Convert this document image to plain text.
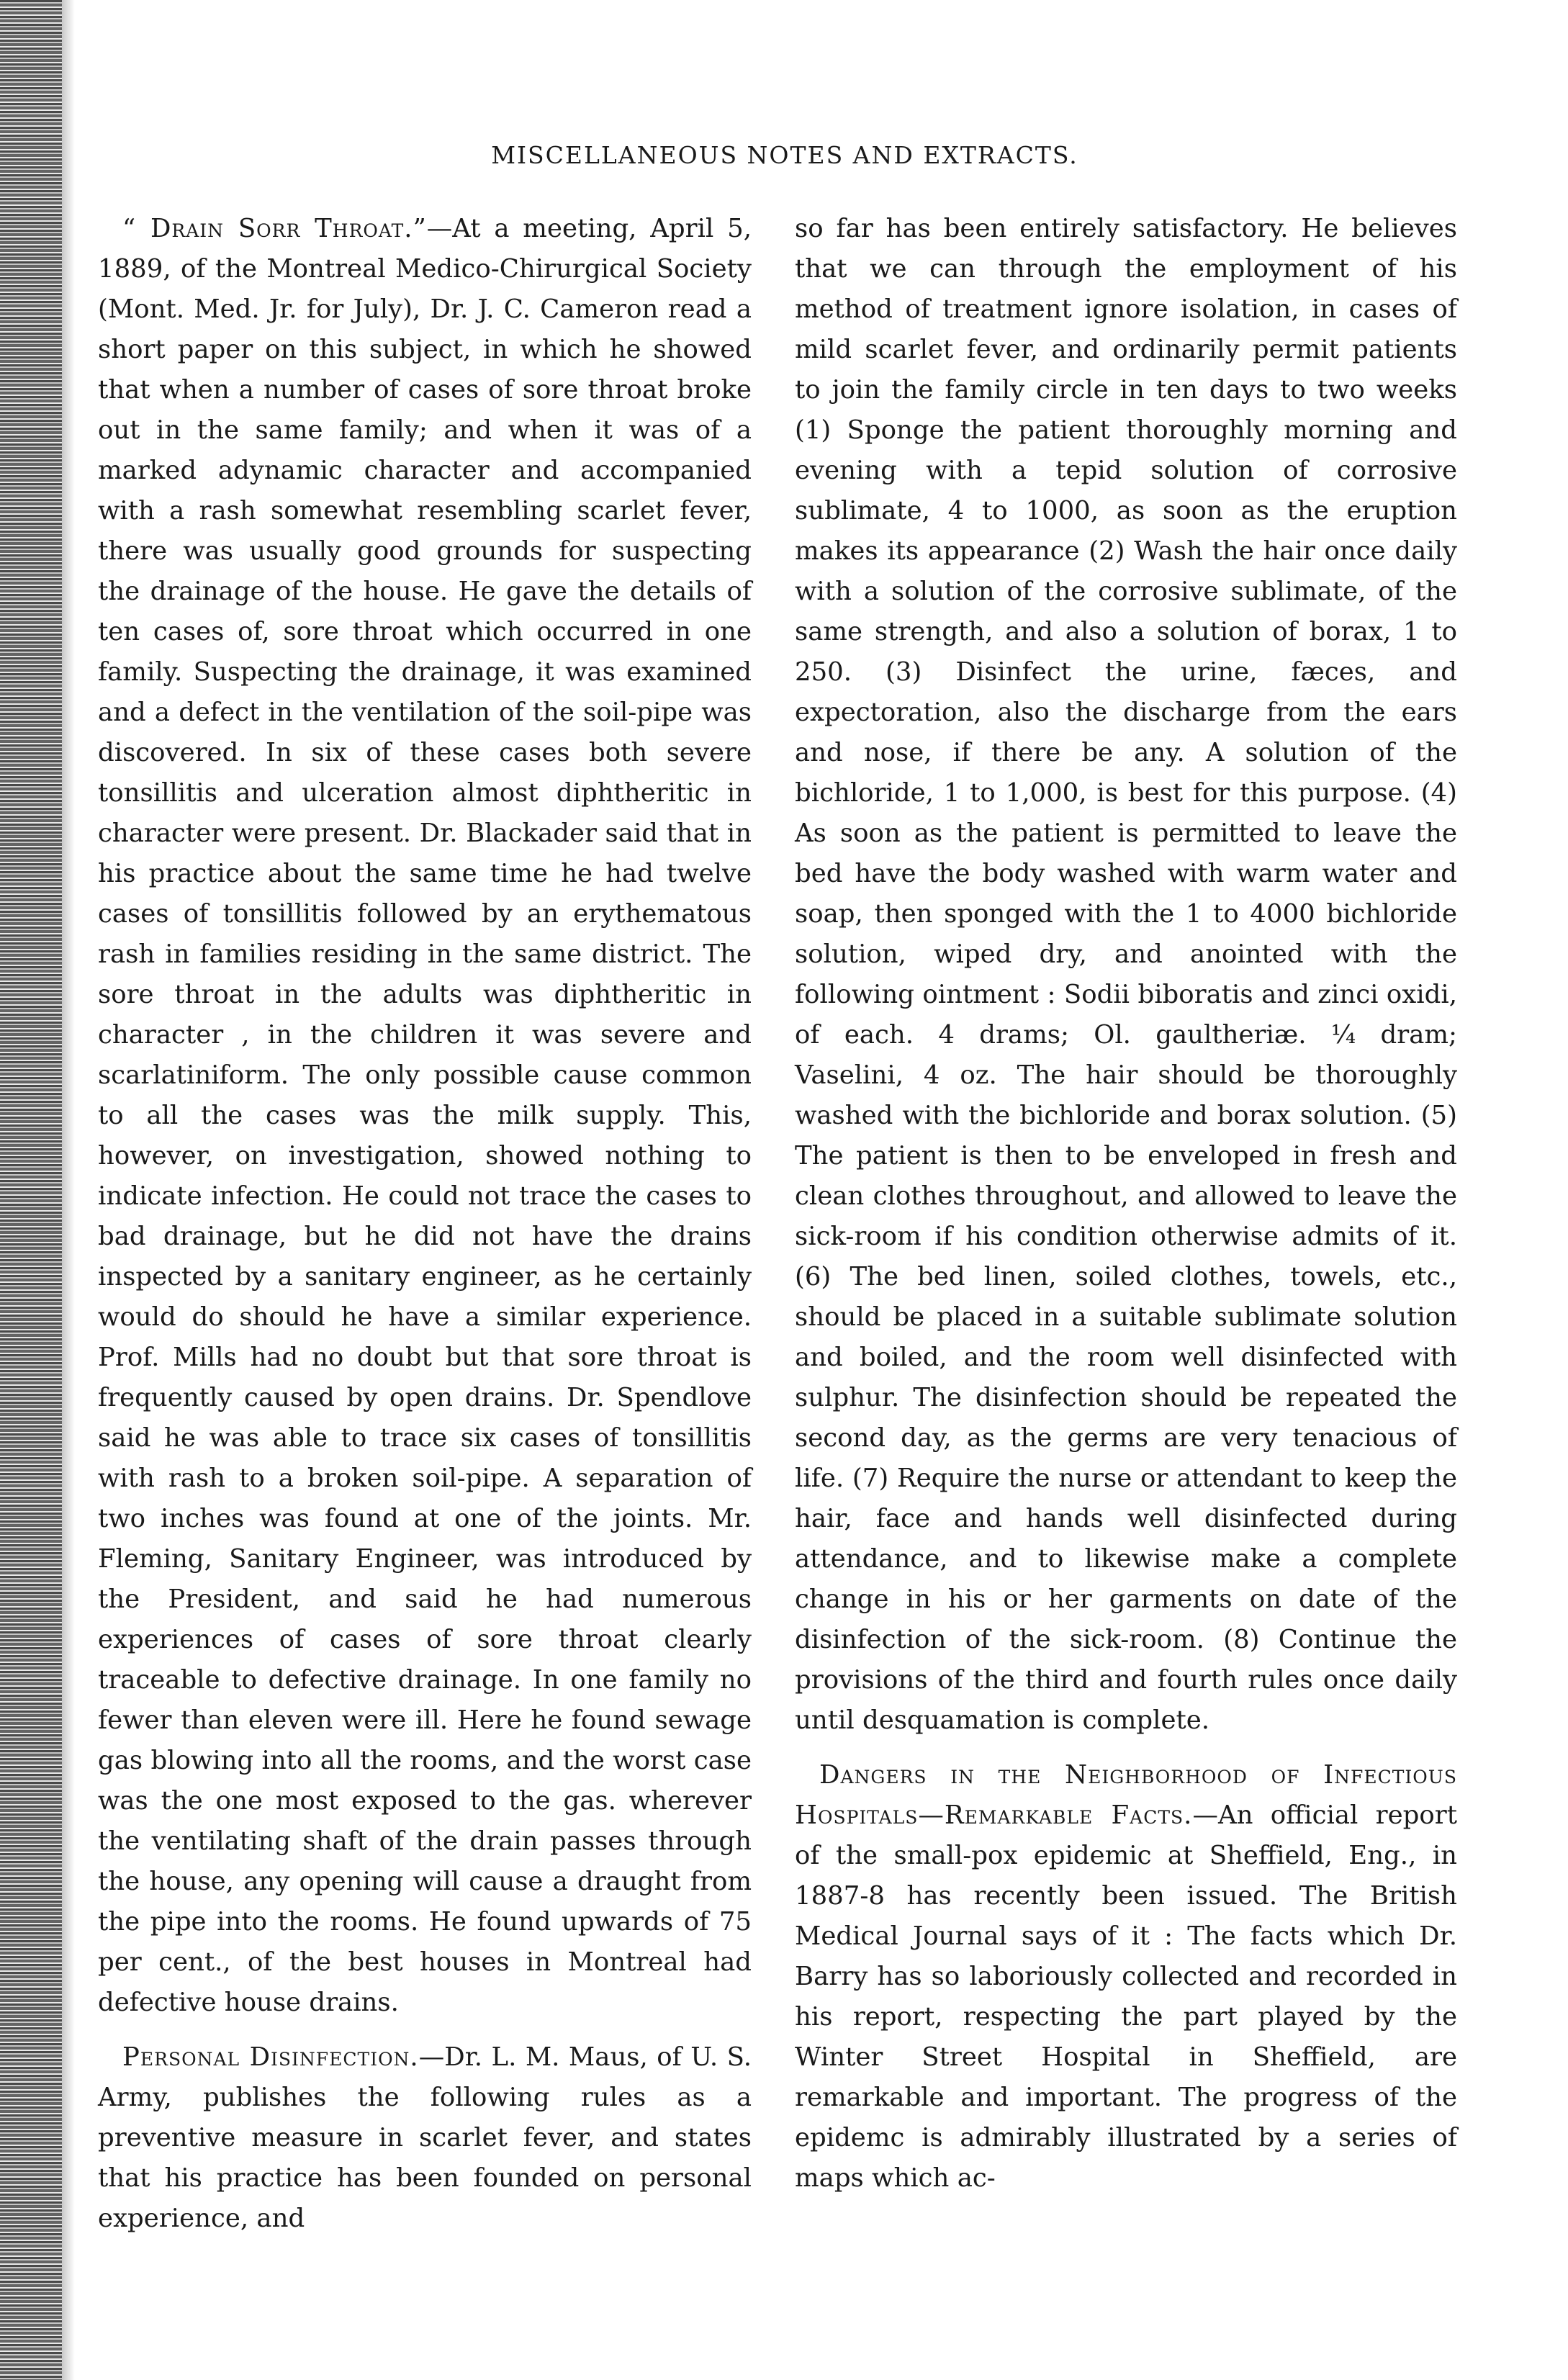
MISCELLANEOUS NOTES AND EXTRACTS.

“ Drain Sorr Throat.”—At a meeting, April 5, 1889, of the Montreal Medico-Chirurgical Society (Mont. Med. Jr. for July), Dr. J. C. Cameron read a short paper on this subject, in which he showed that when a number of cases of sore throat broke out in the same family; and when it was of a marked adynamic character and accompanied with a rash somewhat resembling scarlet fever, there was usually good grounds for suspecting the drainage of the house. He gave the details of ten cases of, sore throat which occurred in one family. Suspecting the drainage, it was examined and a defect in the ventilation of the soil-pipe was discovered. In six of these cases both severe tonsillitis and ulceration almost diphtheritic in character were present. Dr. Blackader said that in his practice about the same time he had twelve cases of tonsillitis followed by an erythematous rash in families residing in the same district. The sore throat in the adults was diphtheritic in character , in the children it was severe and scarlatiniform. The only possible cause common to all the cases was the milk supply. This, however, on investigation, showed nothing to indicate infection. He could not trace the cases to bad drainage, but he did not have the drains inspected by a sanitary engineer, as he certainly would do should he have a similar experience. Prof. Mills had no doubt but that sore throat is frequently caused by open drains. Dr. Spendlove said he was able to trace six cases of tonsillitis with rash to a broken soil-pipe. A separation of two inches was found at one of the joints. Mr. Fleming, Sanitary Engineer, was introduced by the President, and said he had numerous experiences of cases of sore throat clearly traceable to defective drainage. In one family no fewer than eleven were ill. Here he found sewage gas blowing into all the rooms, and the worst case was the one most exposed to the gas. wherever the ventilating shaft of the drain passes through the house, any opening will cause a draught from the pipe into the rooms. He found upwards of 75 per cent., of the best houses in Montreal had defective house drains.

Personal Disinfection.—Dr. L. M. Maus, of U. S. Army, publishes the following rules as a preventive measure in scarlet fever, and states that his practice has been founded on personal experience, and

so far has been entirely satisfactory. He believes that we can through the employment of his method of treatment ignore isolation, in cases of mild scarlet fever, and ordinarily permit patients to join the family circle in ten days to two weeks (1) Sponge the patient thoroughly morning and evening with a tepid solution of corrosive sublimate, 4 to 1000, as soon as the eruption makes its appearance (2) Wash the hair once daily with a solution of the corrosive sublimate, of the same strength, and also a solution of borax, 1 to 250. (3) Disinfect the urine, fæces, and expectoration, also the discharge from the ears and nose, if there be any. A solution of the bichloride, 1 to 1,000, is best for this purpose. (4) As soon as the patient is permitted to leave the bed have the body washed with warm water and soap, then sponged with the 1 to 4000 bichloride solution, wiped dry, and anointed with the following ointment : Sodii biboratis and zinci oxidi, of each. 4 drams; Ol. gaultheriæ. ¼ dram; Vaselini, 4 oz. The hair should be thoroughly washed with the bichloride and borax solution. (5) The patient is then to be enveloped in fresh and clean clothes throughout, and allowed to leave the sick-room if his condition otherwise admits of it. (6) The bed linen, soiled clothes, towels, etc., should be placed in a suitable sublimate solution and boiled, and the room well disinfected with sulphur. The disinfection should be repeated the second day, as the germs are very tenacious of life. (7) Require the nurse or attendant to keep the hair, face and hands well disinfected during attendance, and to likewise make a complete change in his or her garments on date of the disinfection of the sick-room. (8) Continue the provisions of the third and fourth rules once daily until desquamation is complete.

Dangers in the Neighborhood of Infectious Hospitals—Remarkable Facts.—An official report of the small-pox epidemic at Sheffield, Eng., in 1887-8 has recently been issued. The British Medical Journal says of it : The facts which Dr. Barry has so laboriously collected and recorded in his report, respecting the part played by the Winter Street Hospital in Sheffield, are remarkable and important. The progress of the epidemc is admirably illustrated by a series of maps which ac-
